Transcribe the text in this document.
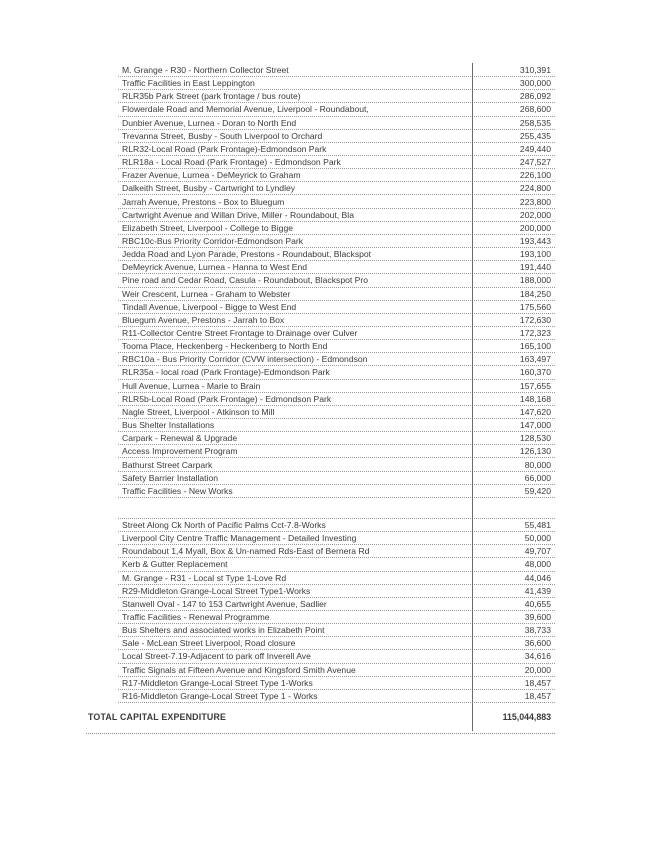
M. Grange - R30 - Northern Collector Street	310,391
Traffic Facilities in East Leppington	300,000
RLR35b Park Street (park frontage / bus route)	286,092
Flowerdale Road and Memorial Avenue, Liverpool - Roundabout,	268,600
Dunbier Avenue, Lurnea - Doran to North End	258,535
Trevanna Street, Busby - South Liverpool to Orchard	255,435
RLR32-Local Road (Park Frontage)-Edmondson Park	249,440
RLR18a - Local Road (Park Frontage) - Edmondson Park	247,527
Frazer Avenue, Lurnea - DeMeyrick to Graham	226,100
Dalkeith Street, Busby - Cartwright to Lyndley	224,800
Jarrah Avenue, Prestons - Box to Bluegum	223,800
Cartwright Avenue and Willan Drive, Miller - Roundabout, Bla	202,000
Elizabeth Street, Liverpool - College to Bigge	200,000
RBC10c-Bus Priority Corridor-Edmondson Park	193,443
Jedda Road and Lyon Parade, Prestons - Roundabout, Blackspot	193,100
DeMeyrick Avenue, Lurnea - Hanna to West End	191,440
Pine road and Cedar Road, Casula - Roundabout, Blackspot Pro	188,000
Weir Crescent, Lurnea - Graham to Webster	184,250
Tindall Avenue, Liverpool - Bigge to West End	175,560
Bluegum Avenue, Prestons - Jarrah to Box	172,630
R11-Collector Centre Street Frontage to Drainage over Culver	172,323
Tooma Place, Heckenberg - Heckenberg to North End	165,100
RBC10a - Bus Priority Corridor (CVW intersection) - Edmondson	163,497
RLR35a - local road (Park Frontage)-Edmondson Park	160,370
Hull Avenue, Lurnea - Marie to Brain	157,655
RLR5b-Local Road (Park Frontage) - Edmondson Park	148,168
Nagle Street, Liverpool - Atkinson to Mill	147,620
Bus Shelter Installations	147,000
Carpark - Renewal & Upgrade	128,530
Access Improvement Program	126,130
Bathurst Street Carpark	80,000
Safety Barrier Installation	66,000
Traffic Facilities - New Works	59,420
Street Along Ck North of Pacific Palms Cct-7.8-Works	55,481
Liverpool City Centre Traffic Management - Detailed Investing	50,000
Roundabout 1,4 Myall, Box & Un-named Rds-East of Bernera Rd	49,707
Kerb & Gutter Replacement	48,000
M. Grange - R31 - Local st Type 1-Love Rd	44,046
R29-Middleton Grange-Local Street Type1-Works	41,439
Stanwell Oval - 147 to 153 Cartwright Avenue, Sadlier	40,655
Traffic Facilities - Renewal Programme	39,600
Bus Shelters and associated works in Elizabeth Point	38,733
Sale - McLean Street Liverpool, Road closure	36,600
Local Street-7.19-Adjacent to park off Inverell Ave	34,616
Traffic Signals at Fifteen Avenue and Kingsford Smith Avenue	20,000
R17-Middleton Grange-Local Street Type 1-Works	18,457
R16-Middleton Grange-Local Street Type 1 - Works	18,457
TOTAL CAPITAL EXPENDITURE	115,044,883
